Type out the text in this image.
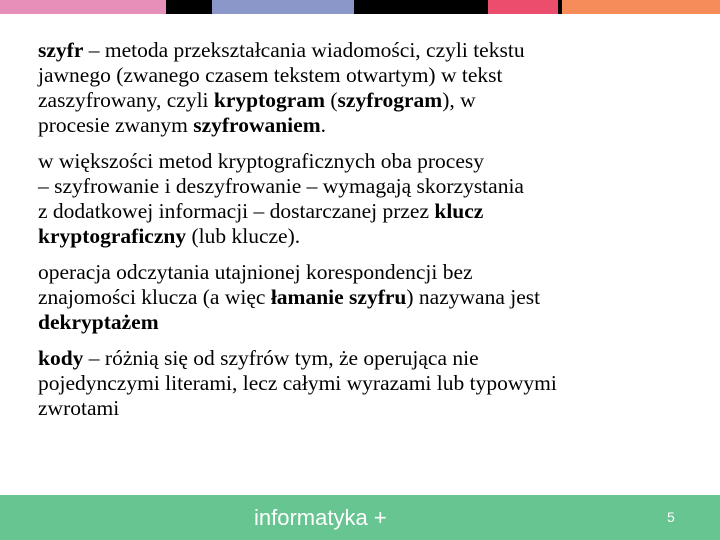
szyfr – metoda przekształcania wiadomości, czyli tekstu
jawnego (zwanego czasem tekstem otwartym) w tekst
zaszyfrowany, czyli kryptogram (szyfrogram), w
procesie zwanym szyfrowaniem.

w większości metod kryptograficznych oba procesy
– szyfrowanie i deszyfrowanie – wymagają skorzystania
z dodatkowej informacji – dostarczanej przez klucz
kryptograficzny (lub klucze).

operacja odczytania utajnionej korespondencji bez
znajomości klucza (a więc łamanie szyfru) nazywana jest
dekryptażem

kody – różnią się od szyfrów tym, że operująca nie
pojedynczymi literami, lecz całymi wyrazami lub typowymi
zwrotami

informatyka +	5
